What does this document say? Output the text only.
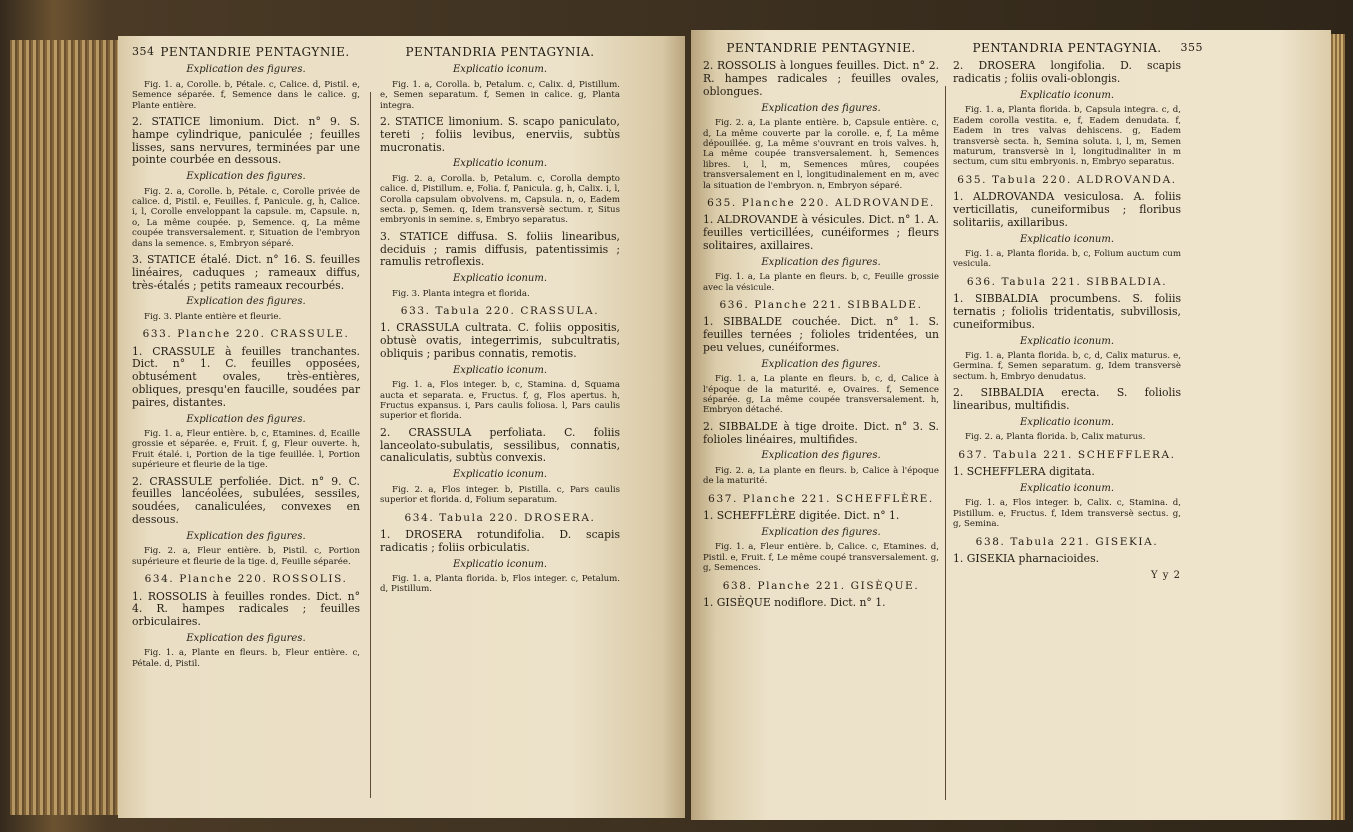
354 PENTANDRIE PENTAGYNIE.
Explication des figures.
Fig. 1. a, Corolle. b, Pétale. c, Calice. d, Pistil. e, Semence séparée. f, Semence dans le calice. g, Plante entière.
2. STATICE limonium. Dict. n° 9. S. hampe cylindrique, paniculée ; feuilles lisses, sans nervures, terminées par une pointe courbée en dessous.
Explication des figures.
Fig. 2. a, Corolle. b, Pétale. c, Corolle privée de calice. d, Pistil. e, Feuilles. f, Panicule. g, h, Calice. i, l, Corolle enveloppant la capsule. m, Capsule. n, o, La même coupée. p, Semence. q, La même coupée transversalement. r, Situation de l'embryon dans la semence. s, Embryon séparé.
3. STATICE étalé. Dict. n° 16. S. feuilles linéaires, caduques ; rameaux diffus, très-étalés ; petits rameaux recourbés.
Explication des figures.
Fig. 3. Plante entière et fleurie.
633. Planche 220. CRASSULE.
1. CRASSULE à feuilles tranchantes. Dict. n° 1. C. feuilles opposées, obtusément ovales, très-entières, obliques, presqu'en faucille, soudées par paires, distantes.
Explication des figures.
Fig. 1. a, Fleur entière. b, c, Etamines. d, Ecaille grossie et séparée. e, Fruit. f, g, Fleur ouverte. h, Fruit étalé. i, Portion de la tige feuillée. l, Portion supérieure et fleurie de la tige.
2. CRASSULE perfoliée. Dict. n° 9. C. feuilles lancéolées, subulées, sessiles, soudées, canaliculées, convexes en dessous.
Explication des figures.
Fig. 2. a, Fleur entière. b, Pistil. c, Portion supérieure et fleurie de la tige. d, Feuille séparée.
634. Planche 220. ROSSOLIS.
1. ROSSOLIS à feuilles rondes. Dict. n° 4. R. hampes radicales ; feuilles orbiculaires.
Explication des figures.
Fig. 1. a, Plante en fleurs. b, Fleur entière. c, Pétale. d, Pistil.
PENTANDRIA PENTAGYNIA.
Explicatio iconum.
Fig. 1. a, Corolla. b, Petalum. c, Calix. d, Pistillum. e, Semen separatum. f, Semen in calice. g, Planta integra.
2. STATICE limonium. S. scapo paniculato, tereti ; foliis levibus, enerviis, subtùs mucronatis.
Explicatio iconum.
Fig. 2. a, Corolla. b, Petalum. c, Corolla dempto calice. d, Pistillum. e, Folia. f, Panicula. g, h, Calix. i, l, Corolla capsulam obvolvens. m, Capsula. n, o, Eadem secta. p, Semen. q, Idem transversè sectum. r, Situs embryonis in semine. s, Embryo separatus.
3. STATICE diffusa. S. foliis linearibus, deciduis ; ramis diffusis, patentissimis ; ramulis retroflexis.
Explicatio iconum.
Fig. 3. Planta integra et florida.
633. Tabula 220. CRASSULA.
1. CRASSULA cultrata. C. foliis oppositis, obtusè ovatis, integerrimis, subcultratis, obliquis ; paribus connatis, remotis.
Explicatio iconum.
Fig. 1. a, Flos integer. b, c, Stamina. d, Squama aucta et separata. e, Fructus. f, g, Flos apertus. h, Fructus expansus. i, Pars caulis foliosa. l, Pars caulis superior et florida.
2. CRASSULA perfoliata. C. foliis lanceolato-subulatis, sessilibus, connatis, canaliculatis, subtùs convexis.
Explicatio iconum.
Fig. 2. a, Flos integer. b, Pistilla. c, Pars caulis superior et florida. d, Folium separatum.
634. Tabula 220. DROSERA.
1. DROSERA rotundifolia. D. scapis radicatis ; foliis orbiculatis.
Explicatio iconum.
Fig. 1. a, Planta florida. b, Flos integer. c, Petalum. d, Pistillum.
PENTANDRIE PENTAGYNIE.
2. ROSSOLIS à longues feuilles. Dict. n° 2. R. hampes radicales ; feuilles ovales, oblongues.
Explication des figures.
Fig. 2. a, La plante entière. b, Capsule entière. c, d, La même couverte par la corolle. e, f, La même dépouillée. g, La même s'ouvrant en trois valves. h, La même coupée transversalement. h, Semences libres. i, l, m, Semences mûres, coupées transversalement en l, longitudinalement en m, avec la situation de l'embryon. n, Embryon séparé.
635. Planche 220. ALDROVANDE.
1. ALDROVANDE à vésicules. Dict. n° 1. A. feuilles verticillées, cunéiformes ; fleurs solitaires, axillaires.
Explication des figures.
Fig. 1. a, La plante en fleurs. b, c, Feuille grossie avec la vésicule.
636. Planche 221. SIBBALDE.
1. SIBBALDE couchée. Dict. n° 1. S. feuilles ternées ; folioles tridentées, un peu velues, cunéiformes.
Explication des figures.
Fig. 1. a, La plante en fleurs. b, c, d, Calice à l'époque de la maturité. e, Ovaires. f, Semence séparée. g, La même coupée transversalement. h, Embryon détaché.
2. SIBBALDE à tige droite. Dict. n° 3. S. folioles linéaires, multifides.
Explication des figures.
Fig. 2. a, La plante en fleurs. b, Calice à l'époque de la maturité.
637. Planche 221. SCHEFFLÈRE.
1. SCHEFFLÈRE digitée. Dict. n° 1.
Explication des figures.
Fig. 1. a, Fleur entière. b, Calice. c, Etamines. d, Pistil. e, Fruit. f, Le même coupé transversalement. g, g, Semences.
638. Planche 221. GISÈQUE.
1. GISÈQUE nodiflore. Dict. n° 1.
PENTANDRIA PENTAGYNIA. 355
2. DROSERA longifolia. D. scapis radicatis ; foliis ovali-oblongis.
Explicatio iconum.
Fig. 1. a, Planta florida. b, Capsula integra. c, d, Eadem corolla vestita. e, f, Eadem denudata. f, Eadem in tres valvas dehiscens. g, Eadem transversè secta. h, Semina soluta. i, l, m, Semen maturum, transversè in l, longitudinaliter in m sectum, cum situ embryonis. n, Embryo separatus.
635. Tabula 220. ALDROVANDA.
1. ALDROVANDA vesiculosa. A. foliis verticillatis, cuneiformibus ; floribus solitariis, axillaribus.
Explicatio iconum.
Fig. 1. a, Planta florida. b, c, Folium auctum cum vesicula.
636. Tabula 221. SIBBALDIA.
1. SIBBALDIA procumbens. S. foliis ternatis ; foliolis tridentatis, subvillosis, cuneiformibus.
Explicatio iconum.
Fig. 1. a, Planta florida. b, c, d, Calix maturus. e, Germina. f, Semen separatum. g, Idem transversè sectum. h, Embryo denudatus.
2. SIBBALDIA erecta. S. foliolis linearibus, multifidis.
Explicatio iconum.
Fig. 2. a, Planta florida. b, Calix maturus.
637. Tabula 221. SCHEFFLERA.
1. SCHEFFLERA digitata.
Explicatio iconum.
Fig. 1. a, Flos integer. b, Calix. c, Stamina. d, Pistillum. e, Fructus. f, Idem transversè sectus. g, g, Semina.
638. Tabula 221. GISEKIA.
1. GISEKIA pharnacioides.
Y y 2
